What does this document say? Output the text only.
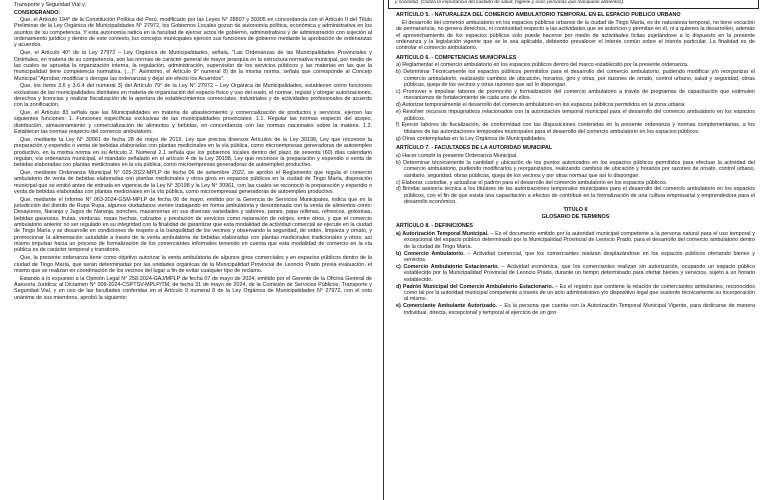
Transporte y Seguridad Vial y;
CONSIDERANDO:

Que, el Artículo 194° de la Constitución Política del Perú, modificado por las Leyes N° 28607 y 30305 en concordancia con el Artículo II del Título Preliminar de la Ley Orgánica de Municipalidades N° 27972, los Gobiernos Locales gozan de autonomía política, económica y administrativa en los asuntos de su competencia. Y esta autonomía radica en la facultad de ejercer actos de gobierno, administrativos y de administración con sujeción al ordenamiento jurídico y dentro de este contexto, los concejos municipales ejercen sus funciones de gobierno mediante la aprobación de ordenanzas y acuerdos.

Que, el Artículo 40° de la Ley 27972 – Ley Orgánica de Municipalidades, señala, "Las Ordenanzas de las Municipalidades Provinciales y Distritales, en materia de su competencia, son las normas de carácter general de mayor jerarquía en la estructura normativa municipal, por medio de las cuales se aprueba la organización interna, la regulación, administración, supervisión de los servicios públicos y las materias en las que la municipalidad tiene competencia normativa. (…)". Asimismo, el Artículo 9° numeral 8) de la misma norma, señala que corresponde al Concejo Municipal "Aprobar, modificar o derogar las ordenanzas y dejar sin efecto los Acuerdos".

Que, los ítems 3.6 y 3.6.4 del numeral 3) del Artículo 79° de la Ley N° 27972 – Ley Orgánica de Municipalidades, establecen como funciones exclusivas de las municipalidades distritales en materia de organización del espacio físico y uso del suelo, el normar, regular y otorgar autorizaciones, derechos y licencias y realizar fiscalización de la apertura de establecimientos comerciales, industriales y de actividades profesionales de acuerdo con la zonificación.

Que, el Artículo 83 señala que las Municipalidades en materia de abastecimiento y comercialización de productos y servicios, ejercen las siguientes funciones: 1. Funciones específicas exclusivas de las municipalidades provinciales: 1.1. Regular las normas respecto del acopio, distribución, almacenamiento y comercialización de alimentos y bebidas, en concordancia con las normas nacionales sobre la materia. 1.2. Establecer las normas respecto del comercio ambulatorio.

Que, mediante la Ley N° 30961 de fecha 28 de mayo de 2019, Ley que precisa diversos Artículos de la Ley 30198, Ley que reconoce la preparación y expendio o venta de bebidas elaboradas con plantas medicinales en la vía pública, como microempresas generadoras de autoempleo productivo, en la misma norma en su Artículo 2. Numeral 2.1 señala que los gobiernos locales dentro del plazo de sesenta (60) días calendario regulan, vía ordenanza municipal, el mandato señalado en el artículo 4 de la Ley 30198, Ley que reconoce la preparación y expendio o venta de bebidas elaboradas con plantas medicinales en la vía pública, como microempresas generadoras de autoempleo productivo.

Que, mediante Ordenanza Municipal N° 025-2022-MPLP de fecha 06 de setiembre 2022, se aprobó el Reglamento que regula el comercio ambulatorio de venta de bebidas elaboradas con plantas medicinales y otros giros en espacios públicos en la ciudad de Tingo María, disposición municipal que se emitió antes de entrada en vigencia de la Ley N° 30198 y la Ley N° 30961, con las cuales se reconoció la preparación y expendio o venta de bebidas elaboradas con plantas medicinales en la vía pública, como microempresas generadoras de autoempleo productivo.

Que, mediante el Informe N° 063-2024-GSM-MPLP de fecha 06 de mayo, emitido por la Gerencia de Servicios Municipales, indica que en la jurisdicción del distrito de Rupa Rupa, algunos ciudadanos vienen trabajando en forma ambulatoria y desordenada con la venta de alimentos como: Desayunos, Naranja y Jugos de Naranja, ponches, mazamorras en sus diversas variedades y sabores, panes, papa rellenas, refrescos, golosinas, bebidas gaseosas, frutas, verduras, ropas hechas, calzados y prestación de servicios como reparación de relojes, entre otros, y que el comercio ambulatorio anterior no ser regulado en su integridad con la finalidad de garantizar que esta modalidad de actividad comercial se ejecute en la ciudad de Tingo María y se desarrolle en condiciones de respeto a la tranquilidad de los vecinos y observando la seguridad, de orden, limpieza y ornato, y promocionar la alimentación saludable a través de la venta ambulatoria de bebidas elaboradas con plantas medicinales tradicionales y otros; así mismo impulsar hacia un proceso de formalización de los comerciantes informales teniendo en cuenta que esta modalidad de comercio en la vía pública es de carácter temporal y transitorio.

Que, la presente ordenanza tiene como objetivo autorizar la venta ambulatoria de algunos giros comerciales y en espacios públicos dentro de la ciudad de Tingo María, que serán determinadas por las unidades orgánicas de la Municipalidad Provincial de Leoncio Prado previa evaluación, el mismo que se realizan en coordinación de los vecinos del lugar a fin de evitar cualquier tipo de reclamo.

Estando a lo expuesto a la Opinión Legal N° 258-2024-GAJ/MPLP de fecha 07 de mayo de 2024, emitido por el Gerente de la Oficina General de Asesoría Jurídica; al Dictamen N° 009-2024-CSPTSV-MPLP/TM, de fecha 31 de mayo de 2024, de la Comisión de Servicios Públicos, Transporte y Seguridad Vial, y en uso de las facultades conferidas en el Artículo 9 numeral 8 de la Ley Orgánica de Municipalidades N° 27972, con el voto unánime de sus miembros, aprobó la siguiente:

y sociedad. (Cotiza la importancia del cuidado de salud, higiene y usos personas que manipulan alimentos).
ARTÍCULO 5. - NATURALEZA DEL COMERCIO AMBULATORIO TEMPORAL EN EL ESPACIO PUBLICO URBANO

El desarrollo del comercio ambulatorio en los espacios públicos urbanos de la ciudad de Tingo María, es de naturaleza temporal, no tiene vocación de permanencia, no genera derechos, ni continuidad respecto a las actividades que se autoricen y permitan en él, ni a quienes la desarrollen, además el aprovechamiento de los espacios públicos solo puede hacerse por medio de actividades lícitas sujetándose a lo dispuesto en la presente ordenanza y la legislación vigente que se le sea aplicable, debiendo prevalecer el interés común sobre el interés particular. La finalidad es de controlar el comercio ambulatorio.

ARTÍCULO 6. - COMPETENCIAS MUNICIPALES
a) Reglamentar el comercio ambulatorio en los espacios públicos dentro del marco establecido por la presente ordenanza.
b) Determinar Técnicamente los espacios públicos permitidos para el desarrollo del comercio ambulatorio, pudiendo modificar y/o reorganizar el comercio ambulatorio, realizando cambios de ubicación, horarios, giro y otras, por razones de ornato, control urbano, salud y seguridad, obras públicas, queja de los vecinos y otras razones que así lo dispongan.
c) Promover e impulsar labores de promoción y formalización del comercio ambulatorio a través de programas de capacitación que estimulen mecanismos de fortalecimiento de cada uno de ellos.
d) Autorizar temporalmente el desarrollo del comercio ambulatorio en los espacios públicos permitidos en la zona urbana
e) Resolver recursos impugnativos relacionados con la autorización temporal municipal para el desarrollo del comercio ambulatorio en los espacios públicos.
f) Ejercer labores de fiscalización, de conformidad con las disposiciones contenidas en la presente ordenanza y normas complementarias, a los titulares de las autorizaciones temporales municipales para el desarrollo del comercio ambulatorio en los espacios públicos.
g) Otras contempladas en la Ley Orgánica de Municipalidades.
ARTÍCULO 7. - FACULTADES DE LA AUTORIDAD MUNICIPAL
a) Hacer cumplir la presente Ordenanza Municipal.
b) Determinar técnicamente la cantidad y ubicación de los puntos autorizados en los espacios públicos permitidos para efectuar la actividad del comercio ambulatorio, pudiendo modificarlos y reorganizarlos, realizando cambios de ubicación y horarios por razones de ornato, control urbano, sanitario, seguridad, obras públicas, queja de los vecinos y por otras normas que así lo dispongan.
c) Elaborar, custodiar, y actualizar el padrón para el desarrollo del comercio ambulatorio en los espacios públicos.
d) Brindar asesoría técnica a los titulares de las autorizaciones temporales municipales para el desarrollo del comercio ambulatorio en los espacios públicos, con el fin de que exista una capacitación a efectos de contribuir en la formalización de una cultura empresarial y emprendedora para el desarrollo económico.
TITULO II
GLOSARIO DE TERMINOS
ARTÍCULO 8. - DEFINICIONES
a) Autorización Temporal Municipal. – Es el documento emitido por la autoridad municipal competente a la persona natural para el uso temporal y excepcional del espacio público determinado por la Municipalidad Provincial de Leoncio Prado, para el desarrollo del comercio ambulatorio dentro de la ciudad de Tingo María.
b) Comercio Ambulatorio. – Actividad comercial, que los comerciantes realizan desplazándose en los espacios públicos ofertando bienes y servicios.
c) Comercio Ambulatorio Estacionario. – Actividad económica, que los comerciantes realizan sin autorización, ocupando un espacio público establecido por la Municipalidad Provincial de Leoncio Prado, durante un tiempo determinado para ofertar bienes y servicios, sujeto a un horario establecido.
d) Padrón Municipal del Comercio Ambulatorio Estacionario. – Es el registro que contiene la relación de comerciantes ambulantes, reconocidos como tal por la autoridad municipal competente a través de un acto administrativo y/o dispositivo legal que sustente técnicamente su incorporación al mismo.
e) Comerciante Ambulante Autorizado. – Es la persona que cuenta con la Autorización Temporal Municipal Vigente, para dedicarse de manera individual, directa, excepcional y temporal al ejercicio de un giro
